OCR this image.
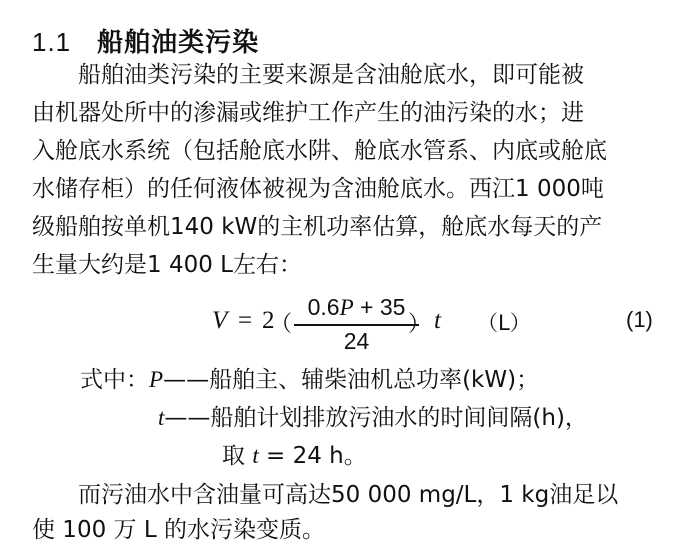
1.1 船舶油类污染
船舶油类污染的主要来源是含油舱底水，即可能被
由机器处所中的渗漏或维护工作产生的油污染的水；进
入舱底水系统（包括舱底水阱、舱底水管系、内底或舱底
水储存柜）的任何液体被视为含油舱底水。西江1 000吨
级船舶按单机140 kW的主机功率估算，舱底水每天的产
生量大约是1 400 L左右：
V = 2
（
0.6P + 35
24
） t （L）	(1)
式中：P——船舶主、辅柴油机总功率(kW)；
t——船舶计划排放污油水的时间间隔(h)，
取 t = 24 h。
而污油水中含油量可高达50 000 mg/L，1 kg油足以
使 100 万 L 的水污染变质。
